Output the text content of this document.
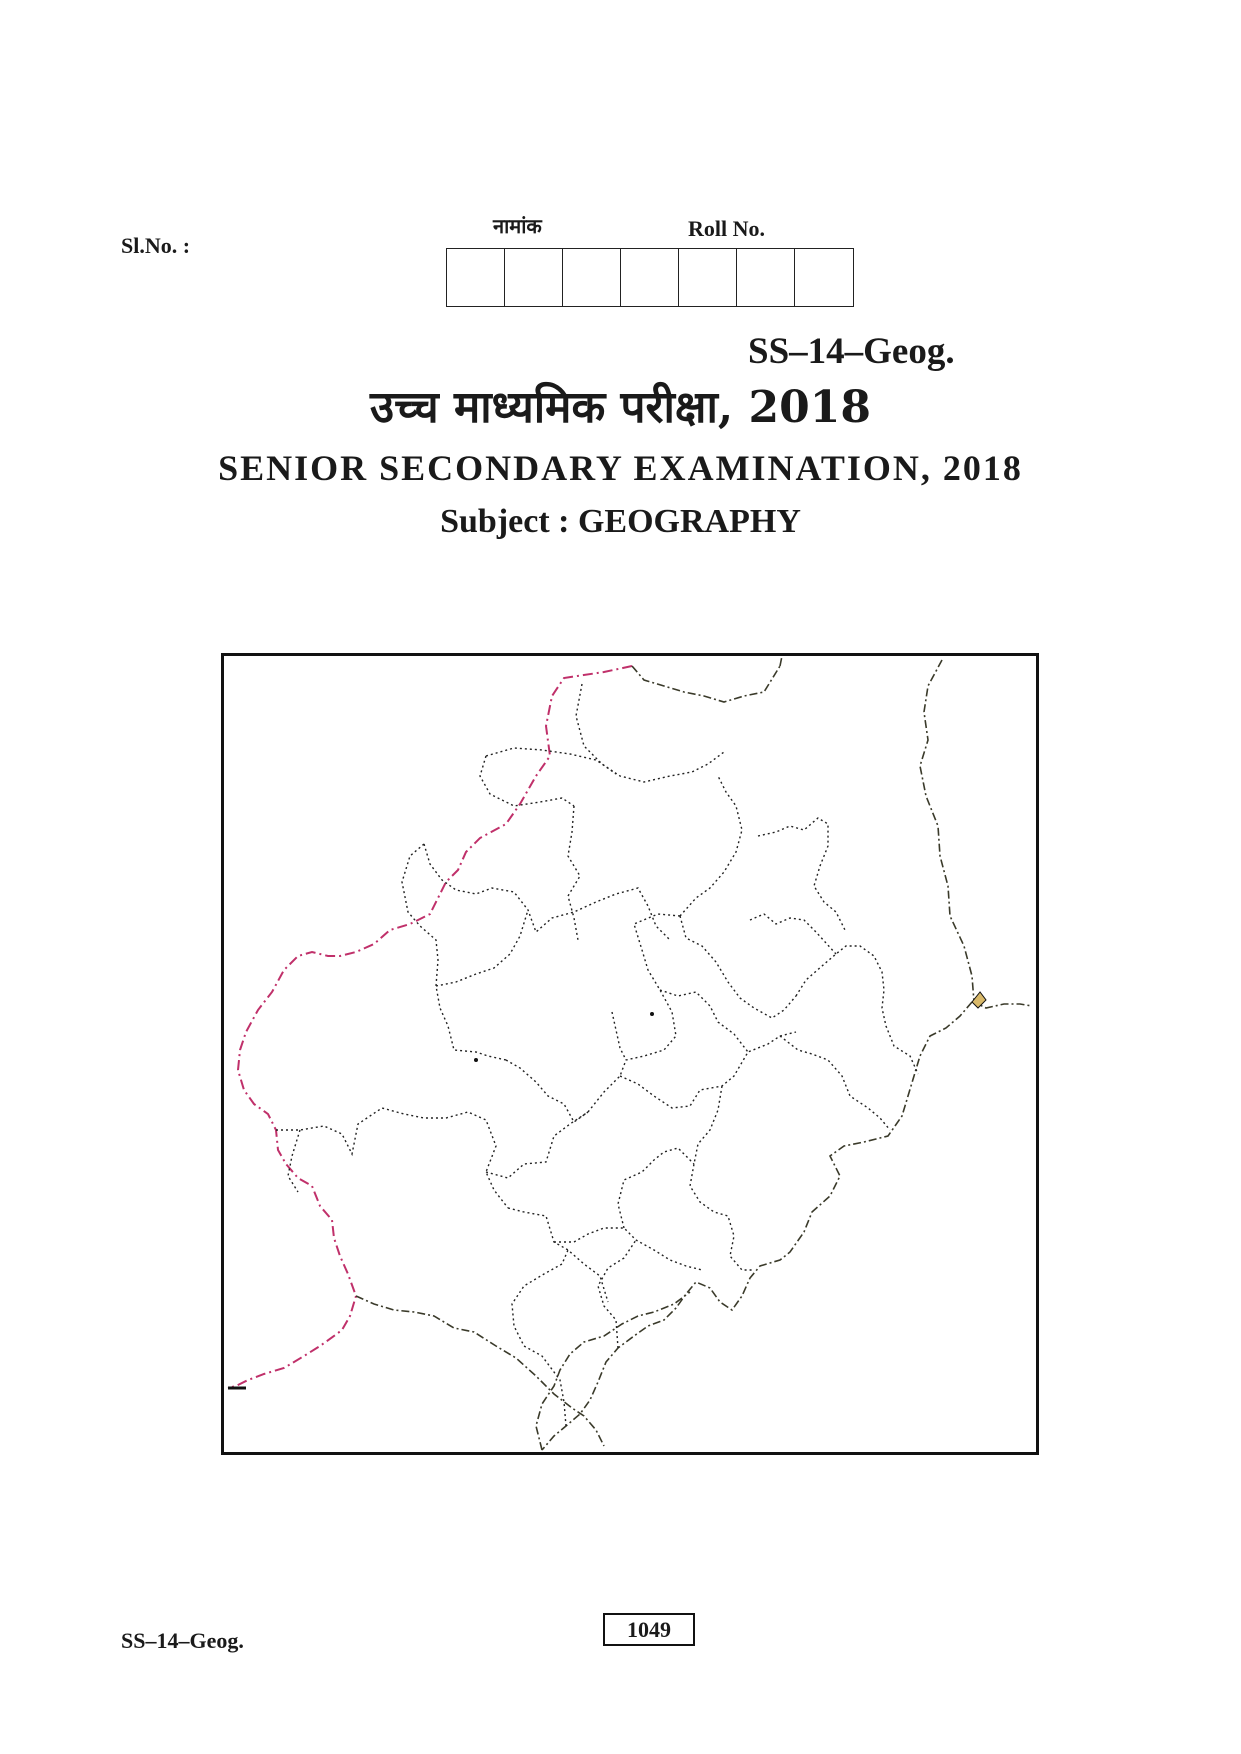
Sl.No. :
नामांक	Roll No.
SS–14–Geog.
उच्च माध्यमिक परीक्षा, 2018
SENIOR SECONDARY EXAMINATION, 2018
Subject : GEOGRAPHY
SS–14–Geog.	1049
